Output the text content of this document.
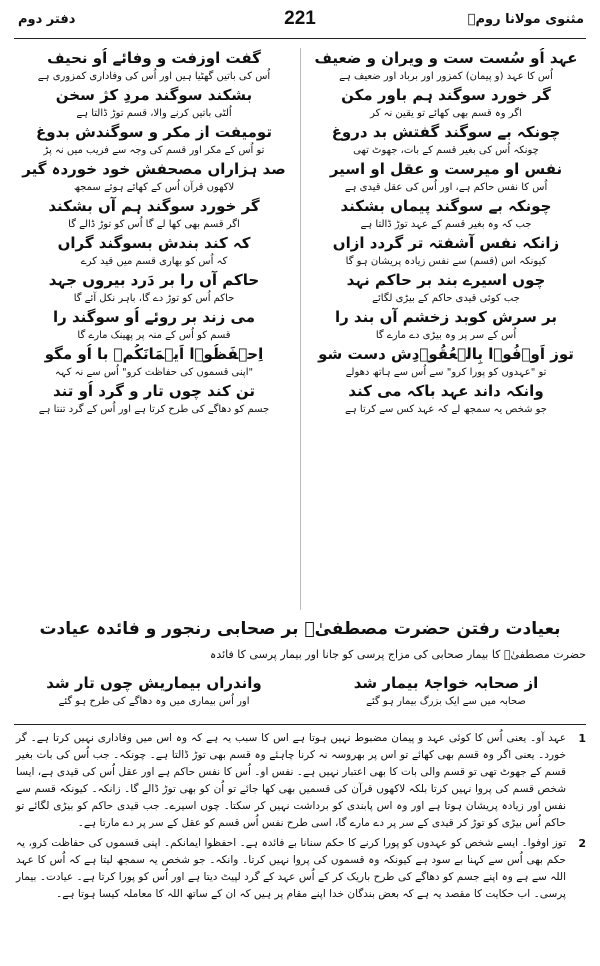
مثنوی مولانا رومؒ
221
دفتر دوم
عہد اُو سُست ست و ویران و ضعیف
اُس کا عہد (و پیمان) کمزور اور برباد اور ضعیف ہے
گر خورد سوگند ہم باور مکن
اگر وہ قسم بھی کھائے تو یقین نہ کر
چونکہ بے سوگند گفتش بد دروغ
چونکہ اُس کی بغیر قسم کے بات، جھوٹ تھی
نفس او میرست و عقل او اسیر
اُس کا نفس حاکم ہے، اور اُس کی عقل قیدی ہے
چونکہ بے سوگند پیماں بشکند
جب کہ وہ بغیر قسم کے عہد توڑ ڈالتا ہے
زانکہ نفس آشفتہ تر گردد ازاں
کیونکہ اس (قسم) سے نفس زیادہ پریشان ہو گا
چوں اسیرے بند بر حاکم نہد
جب کوئی قیدی حاکم کے بیڑی لگائے
بر سرش کوبد زخشم آں بند را
اُس کے سر پر وہ بیڑی دے مارے گا
توز اَوۡفُوۡا بِالۡعُقُوۡدِش دست شو
تو "عہدوں کو پورا کرو" سے اُس سے ہاتھ دھولے
وانکہ داند عہد باکہ می کند
جو شخص یہ سمجھ لے کہ عہد کس سے کرتا ہے
گفت اوزفت و وفائے اُو نحیف
اُس کی باتیں گھٹیا ہیں اور اُس کی وفاداری کمزوری ہے
بشکند سوگند مردِ کژ سخن
اُلٹی باتیں کرنے والا، قسم توڑ ڈالتا ہے
تومیفت از مکر و سوگندش بدوغ
تو اُس کے مکر اور قسم کی وجہ سے فریب میں نہ پڑ
صد ہزاراں مصحفش خود خوردہ گیر
لاکھوں قرآن اُس کے کھائے ہوئے سمجھ
گر خورد سوگند ہم آں بشکند
اگر قسم بھی کھا لے گا اُس کو توڑ ڈالے گا
کہ کند بندش بسوگند گراں
کہ اُس کو بھاری قسم میں قید کرے
حاکم آں را بر دَرد بیروں جہد
حاکم اُس کو توڑ دے گا، باہر نکل آئے گا
می زند بر روئے اُو سوگند را
قسم کو اُس کے منہ پر پھینک مارے گا
اِحۡفَظُوۡا اَیۡمَانَکُمۡ با اُو مگو
"اپنی قسموں کی حفاظت کرو" اُس سے نہ کہہ
تن کند چوں تار و گرد اُو تند
جسم کو دھاگے کی طرح کرتا ہے اور اُس کے گرد تنتا ہے
بعیادت رفتن حضرت مصطفیٰؐ بر صحابی رنجور و فائدہ عیادت
حضرت مصطفیٰؐ کا بیمار صحابی کی مزاج پرسی کو جانا اور بیمار پرسی کا فائدہ
از صحابہ خواجۂ بیمار شد
صحابہ میں سے ایک بزرگ بیمار ہو گئے
واندراں بیماریش چوں تار شد
اور اُس بیماری میں وہ دھاگے کی طرح ہو گئے
1
عہد آو۔ یعنی اُس کا کوئی عہد و پیمان مضبوط نہیں ہوتا ہے اس کا سبب یہ ہے کہ وہ اس میں وفاداری نہیں کرتا ہے۔ گر خورد۔ یعنی اگر وہ قسم بھی کھائے تو اس پر بھروسہ نہ کرنا چاہئے وہ قسم بھی توڑ ڈالتا ہے۔ چونکہ۔ جب اُس کی بات بغیر قسم کے جھوٹ تھی تو قسم والی بات کا بھی اعتبار نہیں ہے۔ نفس او۔ اُس کا نفس حاکم ہے اور عقل اُس کی قیدی ہے، ایسا شخص قسم کی پروا نہیں کرتا بلکہ لاکھوں قرآن کی قسمیں بھی کھا جائے تو اُن کو بھی توڑ ڈالے گا۔ زانکہ۔ کیونکہ قسم سے نفس اور زیادہ پریشان ہوتا ہے اور وہ اس پابندی کو برداشت نہیں کر سکتا۔ چوں اسیرے۔ جب قیدی حاکم کو بیڑی لگائے تو حاکم اُس بیڑی کو توڑ کر قیدی کے سر پر دے مارے گا، اسی طرح نفس اُس قسم کو عقل کے سر پر دے مارتا ہے۔
2
توز اوفوا۔ ایسے شخص کو عہدوں کو پورا کرنے کا حکم سنانا بے فائدہ ہے۔ احفظوا ایمانکم۔ اپنی قسموں کی حفاظت کرو، یہ حکم بھی اُس سے کہنا بے سود ہے کیونکہ وہ قسموں کی پروا نہیں کرتا۔ وانکہ۔ جو شخص یہ سمجھ لیتا ہے کہ اُس کا عہد اللہ سے ہے وہ اپنے جسم کو دھاگے کی طرح باریک کر کے اُس عہد کے گرد لپیٹ دیتا ہے اور اُس کو پورا کرتا ہے۔ عیادت۔ بیمار پرسی۔ اب حکایت کا مقصد یہ ہے کہ بعض بندگان خدا اپنے مقام پر ہیں کہ ان کے ساتھ اللہ کا معاملہ کیسا ہوتا ہے۔
